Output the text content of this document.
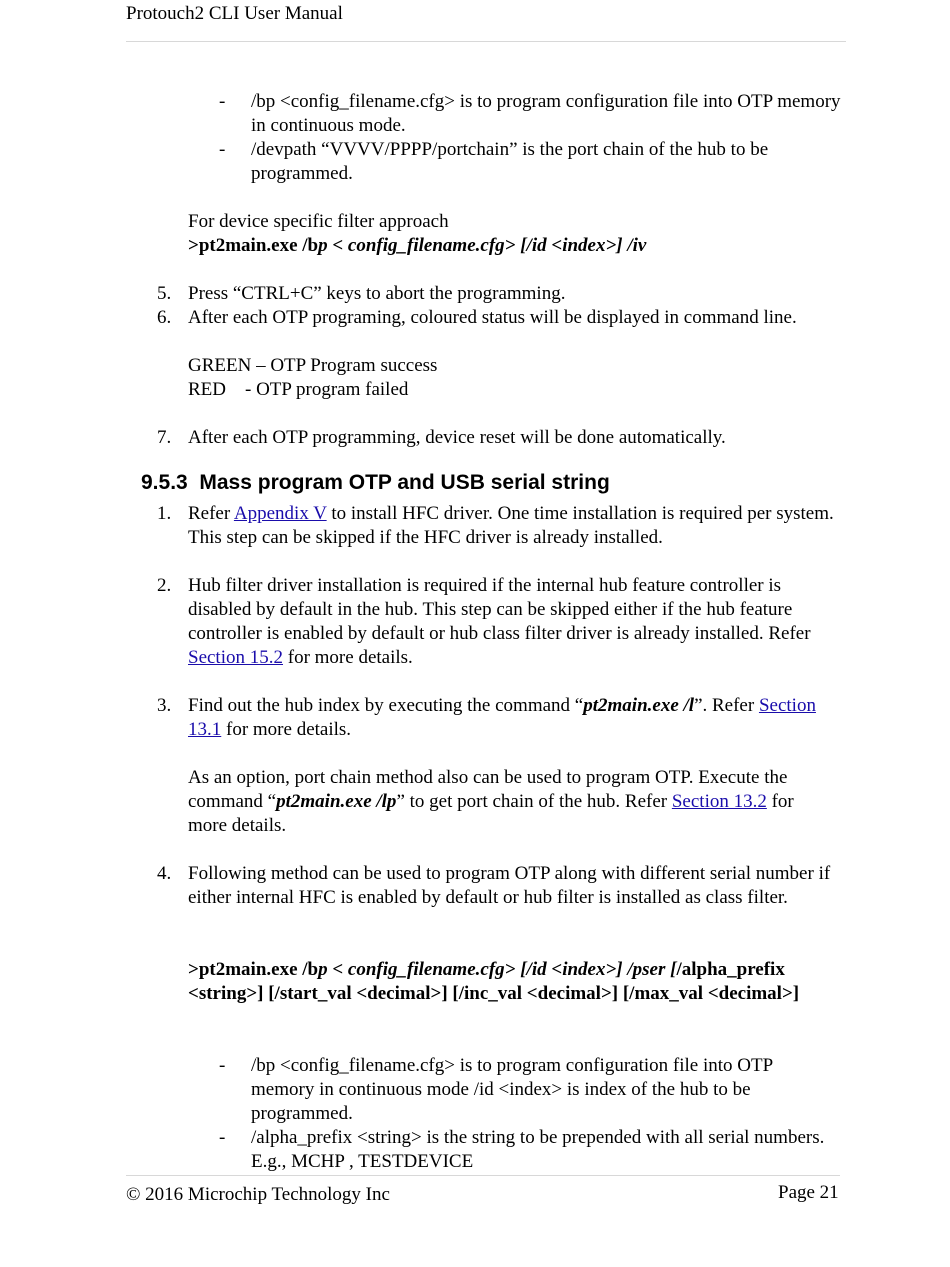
Protouch2 CLI User Manual
- /bp <config_filename.cfg> is to program configuration file into OTP memory in continuous mode.
- /devpath “VVVV/PPPP/portchain” is the port chain of the hub to be programmed.
For device specific filter approach
>pt2main.exe /bp < config_filename.cfg> [/id <index>] /iv
5. Press “CTRL+C” keys to abort the programming.
6. After each OTP programing, coloured status will be displayed in command line.
GREEN – OTP Program success
RED    - OTP program failed
7. After each OTP programming, device reset will be done automatically.
9.5.3  Mass program OTP and USB serial string
1. Refer Appendix V to install HFC driver. One time installation is required per system. This step can be skipped if the HFC driver is already installed.
2. Hub filter driver installation is required if the internal hub feature controller is disabled by default in the hub. This step can be skipped either if the hub feature controller is enabled by default or hub class filter driver is already installed. Refer Section 15.2 for more details.
3. Find out the hub index by executing the command “pt2main.exe /l”. Refer Section 13.1 for more details.
As an option, port chain method also can be used to program OTP. Execute the command “pt2main.exe /lp” to get port chain of the hub. Refer Section 13.2 for more details.
4. Following method can be used to program OTP along with different serial number if either internal HFC is enabled by default or hub filter is installed as class filter.
>pt2main.exe /bp < config_filename.cfg> [/id <index>] /pser [/alpha_prefix <string>] [/start_val <decimal>] [/inc_val <decimal>] [/max_val <decimal>]
- /bp <config_filename.cfg> is to program configuration file into OTP memory in continuous mode /id <index> is index of the hub to be programmed.
- /alpha_prefix <string> is the string to be prepended with all serial numbers. E.g., MCHP , TESTDEVICE
© 2016 Microchip Technology Inc	Page 21
